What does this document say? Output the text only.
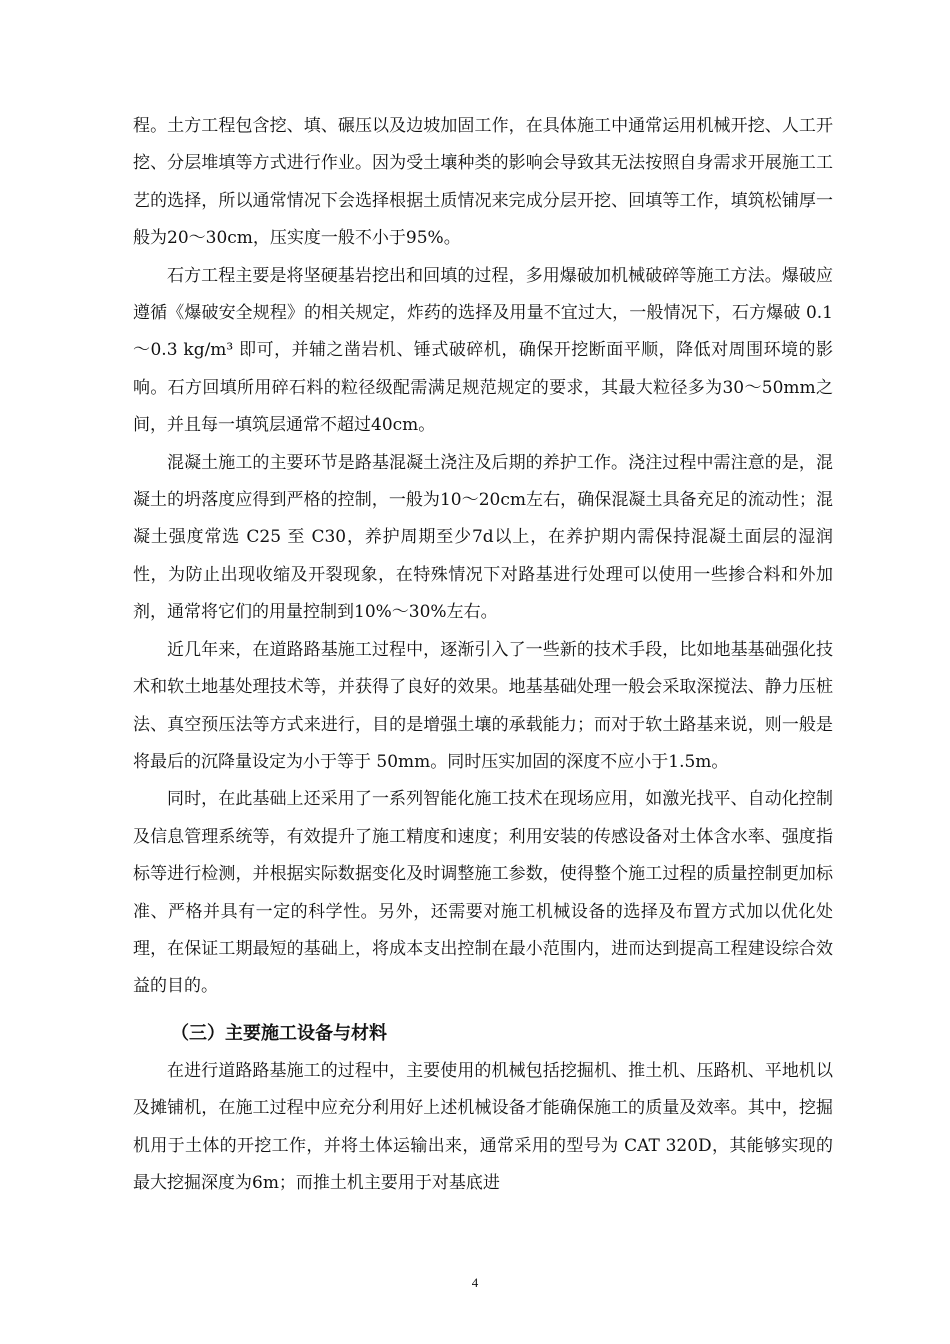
程。土方工程包含挖、填、碾压以及边坡加固工作，在具体施工中通常运用机械开挖、人工开挖、分层堆填等方式进行作业。因为受土壤种类的影响会导致其无法按照自身需求开展施工工艺的选择，所以通常情况下会选择根据土质情况来完成分层开挖、回填等工作，填筑松铺厚一般为20～30cm，压实度一般不小于95%。

石方工程主要是将坚硬基岩挖出和回填的过程，多用爆破加机械破碎等施工方法。爆破应遵循《爆破安全规程》的相关规定，炸药的选择及用量不宜过大，一般情况下，石方爆破 0.1～0.3 kg/m³ 即可，并辅之凿岩机、锤式破碎机，确保开挖断面平顺，降低对周围环境的影响。石方回填所用碎石料的粒径级配需满足规范规定的要求，其最大粒径多为30～50mm之间，并且每一填筑层通常不超过40cm。

混凝土施工的主要环节是路基混凝土浇注及后期的养护工作。浇注过程中需注意的是，混凝土的坍落度应得到严格的控制，一般为10～20cm左右，确保混凝土具备充足的流动性；混凝土强度常选 C25 至 C30，养护周期至少7d以上，在养护期内需保持混凝土面层的湿润性，为防止出现收缩及开裂现象，在特殊情况下对路基进行处理可以使用一些掺合料和外加剂，通常将它们的用量控制到10%～30%左右。

近几年来，在道路路基施工过程中，逐渐引入了一些新的技术手段，比如地基基础强化技术和软土地基处理技术等，并获得了良好的效果。地基基础处理一般会采取深搅法、静力压桩法、真空预压法等方式来进行，目的是增强土壤的承载能力；而对于软土路基来说，则一般是将最后的沉降量设定为小于等于 50mm。同时压实加固的深度不应小于1.5m。

同时，在此基础上还采用了一系列智能化施工技术在现场应用，如激光找平、自动化控制及信息管理系统等，有效提升了施工精度和速度；利用安装的传感设备对土体含水率、强度指标等进行检测，并根据实际数据变化及时调整施工参数，使得整个施工过程的质量控制更加标准、严格并具有一定的科学性。另外，还需要对施工机械设备的选择及布置方式加以优化处理，在保证工期最短的基础上，将成本支出控制在最小范围内，进而达到提高工程建设综合效益的目的。

（三）主要施工设备与材料

在进行道路路基施工的过程中，主要使用的机械包括挖掘机、推土机、压路机、平地机以及摊铺机，在施工过程中应充分利用好上述机械设备才能确保施工的质量及效率。其中，挖掘机用于土体的开挖工作，并将土体运输出来，通常采用的型号为 CAT 320D，其能够实现的最大挖掘深度为6m；而推土机主要用于对基底进

4
